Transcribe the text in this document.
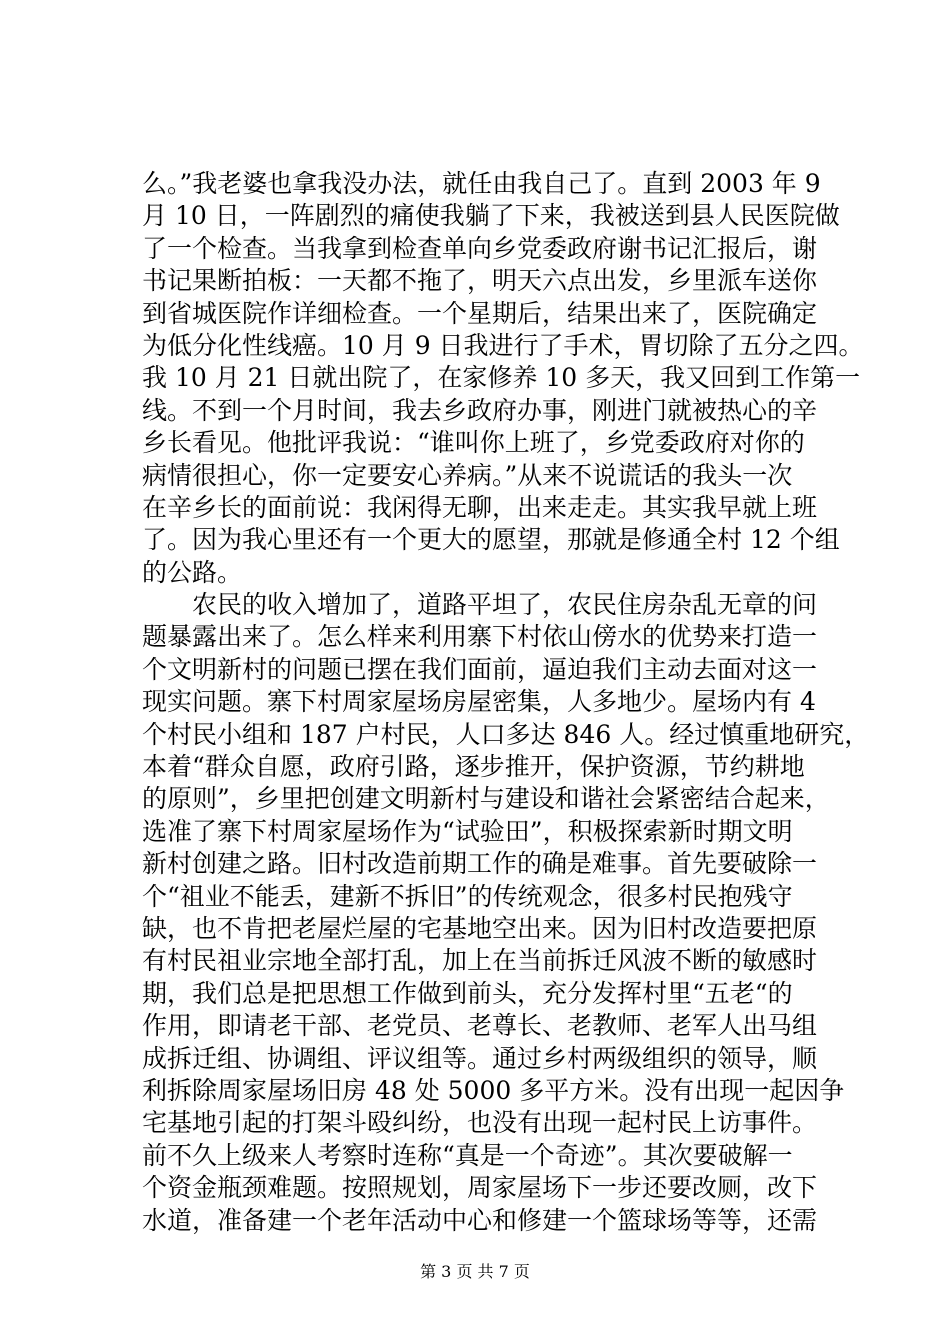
么。”我老婆也拿我没办法，就任由我自己了。直到 2003 年 9
月 10 日，一阵剧烈的痛使我躺了下来，我被送到县人民医院做
了一个检查。当我拿到检查单向乡党委政府谢书记汇报后，谢
书记果断拍板：一天都不拖了，明天六点出发，乡里派车送你
到省城医院作详细检查。一个星期后，结果出来了，医院确定
为低分化性线癌。10 月 9 日我进行了手术，胃切除了五分之四。
我 10 月 21 日就出院了，在家修养 10 多天，我又回到工作第一
线。不到一个月时间，我去乡政府办事，刚进门就被热心的辛
乡长看见。他批评我说：“谁叫你上班了，乡党委政府对你的
病情很担心，你一定要安心养病。”从来不说谎话的我头一次
在辛乡长的面前说：我闲得无聊，出来走走。其实我早就上班
了。因为我心里还有一个更大的愿望，那就是修通全村 12 个组
的公路。
　　农民的收入增加了，道路平坦了，农民住房杂乱无章的问
题暴露出来了。怎么样来利用寨下村依山傍水的优势来打造一
个文明新村的问题已摆在我们面前，逼迫我们主动去面对这一
现实问题。寨下村周家屋场房屋密集，人多地少。屋场内有 4
个村民小组和 187 户村民，人口多达 846 人。经过慎重地研究，
本着“群众自愿，政府引路，逐步推开，保护资源，节约耕地
的原则”，乡里把创建文明新村与建设和谐社会紧密结合起来，
选准了寨下村周家屋场作为“试验田”，积极探索新时期文明
新村创建之路。旧村改造前期工作的确是难事。首先要破除一
个“祖业不能丢，建新不拆旧”的传统观念，很多村民抱残守
缺，也不肯把老屋烂屋的宅基地空出来。因为旧村改造要把原
有村民祖业宗地全部打乱，加上在当前拆迁风波不断的敏感时
期，我们总是把思想工作做到前头，充分发挥村里“五老“的
作用，即请老干部、老党员、老尊长、老教师、老军人出马组
成拆迁组、协调组、评议组等。通过乡村两级组织的领导，顺
利拆除周家屋场旧房 48 处 5000 多平方米。没有出现一起因争
宅基地引起的打架斗殴纠纷，也没有出现一起村民上访事件。
前不久上级来人考察时连称“真是一个奇迹”。其次要破解一
个资金瓶颈难题。按照规划，周家屋场下一步还要改厕，改下
水道，准备建一个老年活动中心和修建一个篮球场等等，还需
第 3 页 共 7 页
